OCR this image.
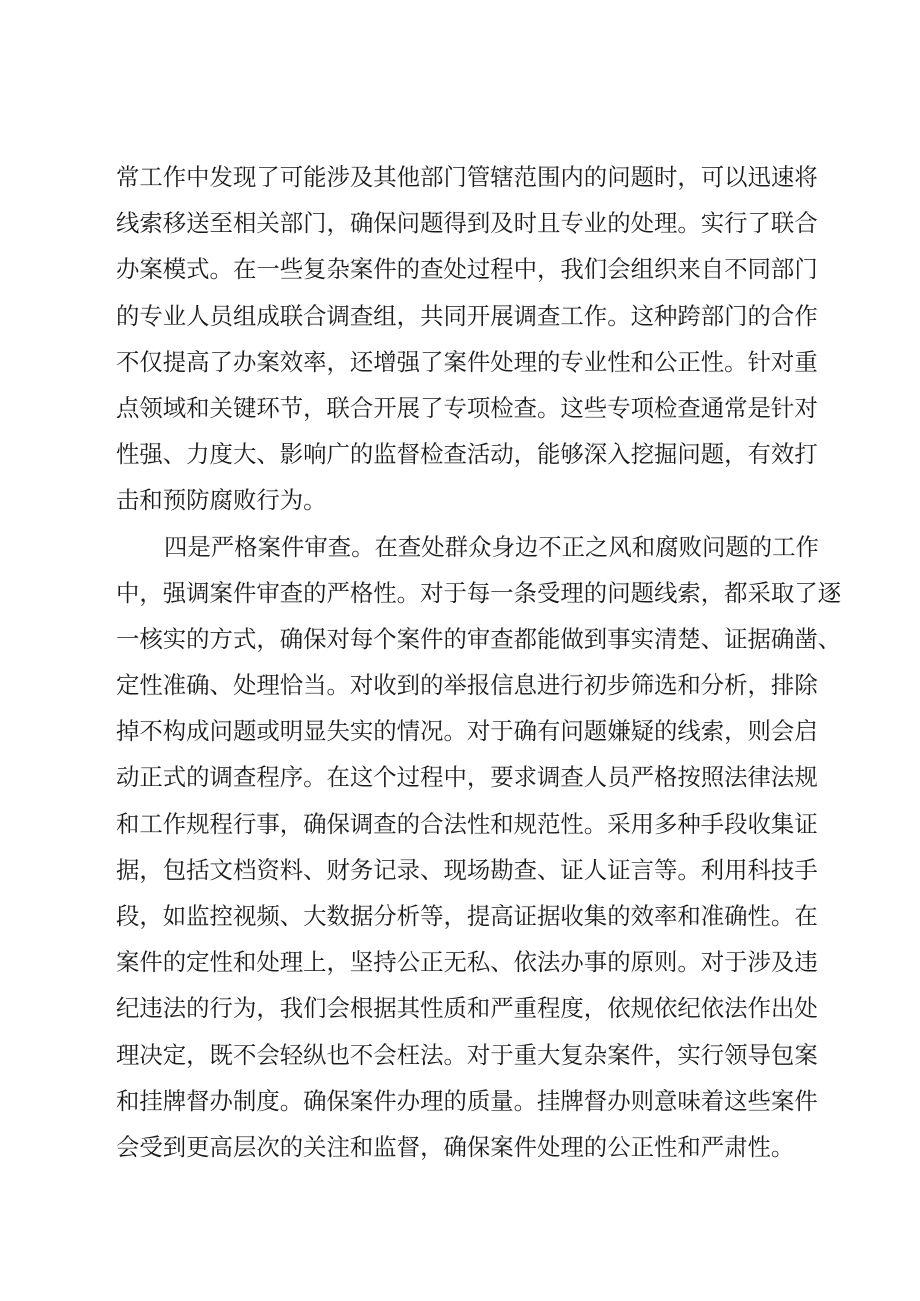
常工作中发现了可能涉及其他部门管辖范围内的问题时，可以迅速将
线索移送至相关部门，确保问题得到及时且专业的处理。实行了联合
办案模式。在一些复杂案件的查处过程中，我们会组织来自不同部门
的专业人员组成联合调查组，共同开展调查工作。这种跨部门的合作
不仅提高了办案效率，还增强了案件处理的专业性和公正性。针对重
点领域和关键环节，联合开展了专项检查。这些专项检查通常是针对
性强、力度大、影响广的监督检查活动，能够深入挖掘问题，有效打
击和预防腐败行为。
四是严格案件审查。在查处群众身边不正之风和腐败问题的工作
中，强调案件审查的严格性。对于每一条受理的问题线索，都采取了逐
一核实的方式，确保对每个案件的审查都能做到事实清楚、证据确凿、
定性准确、处理恰当。对收到的举报信息进行初步筛选和分析，排除
掉不构成问题或明显失实的情况。对于确有问题嫌疑的线索，则会启
动正式的调查程序。在这个过程中，要求调查人员严格按照法律法规
和工作规程行事，确保调查的合法性和规范性。采用多种手段收集证
据，包括文档资料、财务记录、现场勘查、证人证言等。利用科技手
段，如监控视频、大数据分析等，提高证据收集的效率和准确性。在
案件的定性和处理上，坚持公正无私、依法办事的原则。对于涉及违
纪违法的行为，我们会根据其性质和严重程度，依规依纪依法作出处
理决定，既不会轻纵也不会枉法。对于重大复杂案件，实行领导包案
和挂牌督办制度。确保案件办理的质量。挂牌督办则意味着这些案件
会受到更高层次的关注和监督，确保案件处理的公正性和严肃性。
